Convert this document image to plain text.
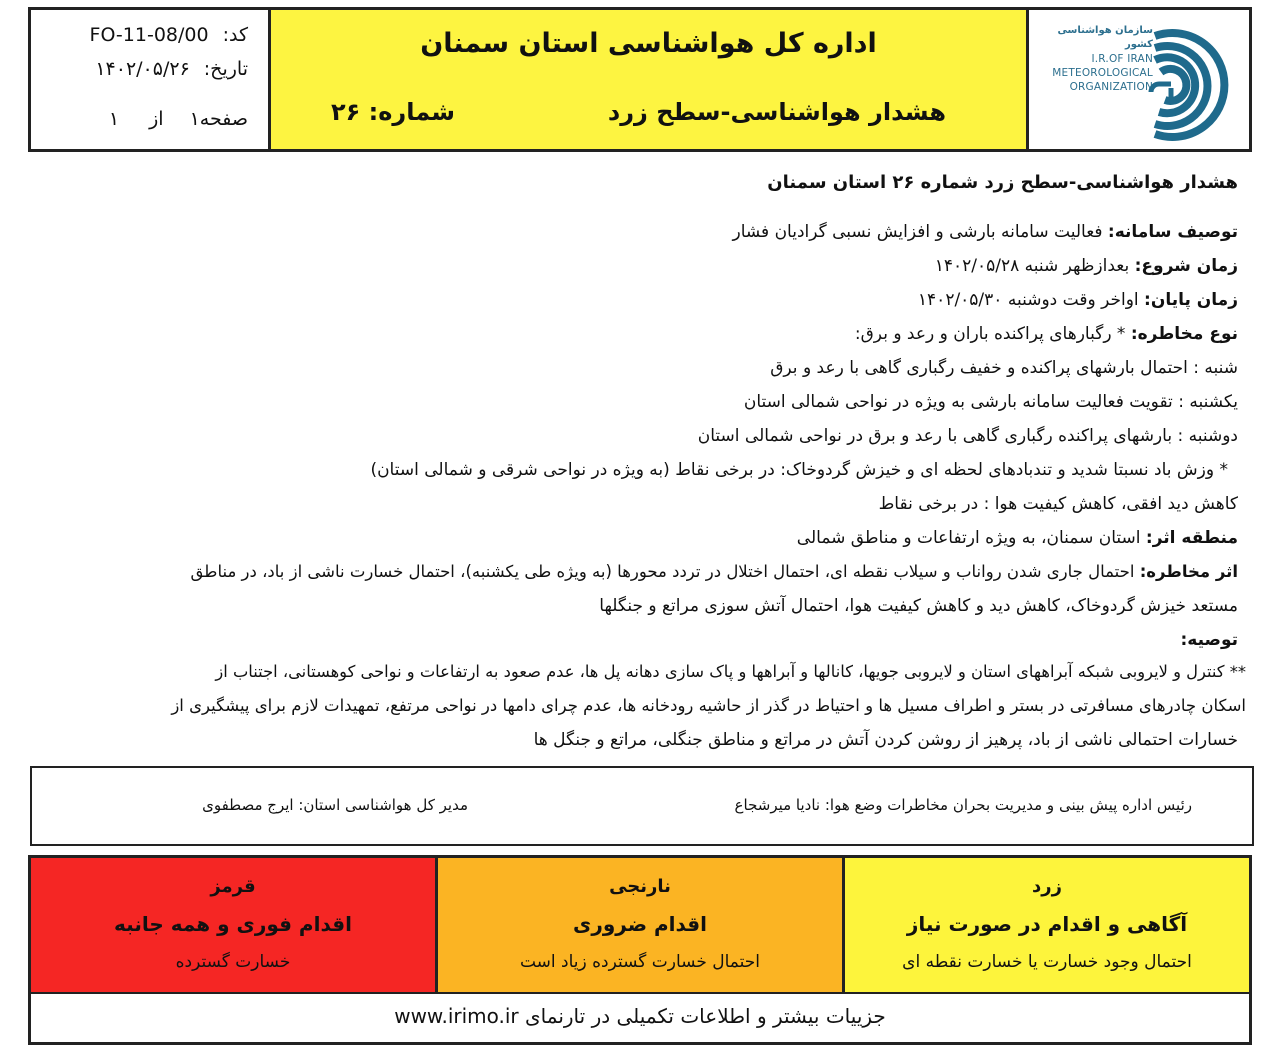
کد:
FO-11-08/00
تاریخ:
۱۴۰۲/۰۵/۲۶
صفحه
۱
از
۱
اداره کل هواشناسی استان سمنان
هشدار هواشناسی-سطح زرد
شماره: ۲۶
سازمان هواشناسی کشور
I.R.OF IRAN
METEOROLOGICAL
ORGANIZATION
هشدار هواشناسی-سطح زرد شماره ۲۶ استان سمنان
توصیف سامانه: فعالیت سامانه بارشی و افزایش نسبی گرادیان فشار
زمان شروع: بعدازظهر شنبه ۱۴۰۲/۰۵/۲۸
زمان پایان: اواخر وقت دوشنبه ۱۴۰۲/۰۵/۳۰
نوع مخاطره: * رگبارهای پراکنده باران و رعد و برق:
شنبه : احتمال بارشهای پراکنده و خفیف رگباری گاهی با رعد و برق
یکشنبه : تقویت فعالیت سامانه بارشی به ویژه در نواحی شمالی استان
دوشنبه : بارشهای پراکنده رگباری گاهی با رعد و برق در نواحی شمالی استان
* وزش باد نسبتا شدید و تندبادهای لحظه ای و خیزش گردوخاک: در برخی نقاط (به ویژه در نواحی شرقی و شمالی استان)
کاهش دید افقی، کاهش کیفیت هوا : در برخی نقاط
منطقه اثر: استان سمنان، به ویژه ارتفاعات و مناطق شمالی
اثر مخاطره: احتمال جاری شدن رواناب و سیلاب نقطه ای، احتمال اختلال در تردد محورها (به ویژه طی یکشنبه)، احتمال خسارت ناشی از باد، در مناطق
مستعد خیزش گردوخاک، کاهش دید و کاهش کیفیت هوا، احتمال آتش سوزی مراتع و جنگلها
توصیه:
** کنترل و لایروبی شبکه آبراههای استان و لایروبی جویها، کانالها و آبراهها و پاک سازی دهانه پل ها، عدم صعود به ارتفاعات و نواحی کوهستانی، اجتناب از
اسکان چادرهای مسافرتی در بستر و اطراف مسیل ها و احتیاط در گذر از حاشیه رودخانه ها، عدم چرای دامها در نواحی مرتفع، تمهیدات لازم برای پیشگیری از
خسارات احتمالی ناشی از باد، پرهیز از روشن کردن آتش در مراتع و مناطق جنگلی، مراتع و جنگل ها
رئیس اداره پیش بینی و مدیریت بحران مخاطرات وضع هوا: نادیا میرشجاع
مدیر کل هواشناسی استان: ایرج مصطفوی
قرمز
اقدام فوری و همه جانبه
خسارت گسترده
نارنجی
اقدام ضروری
احتمال خسارت گسترده زیاد است
زرد
آگاهی و اقدام در صورت نیاز
احتمال وجود خسارت یا خسارت نقطه ای
جزییات بیشتر و اطلاعات تکمیلی در تارنمای www.irimo.ir
